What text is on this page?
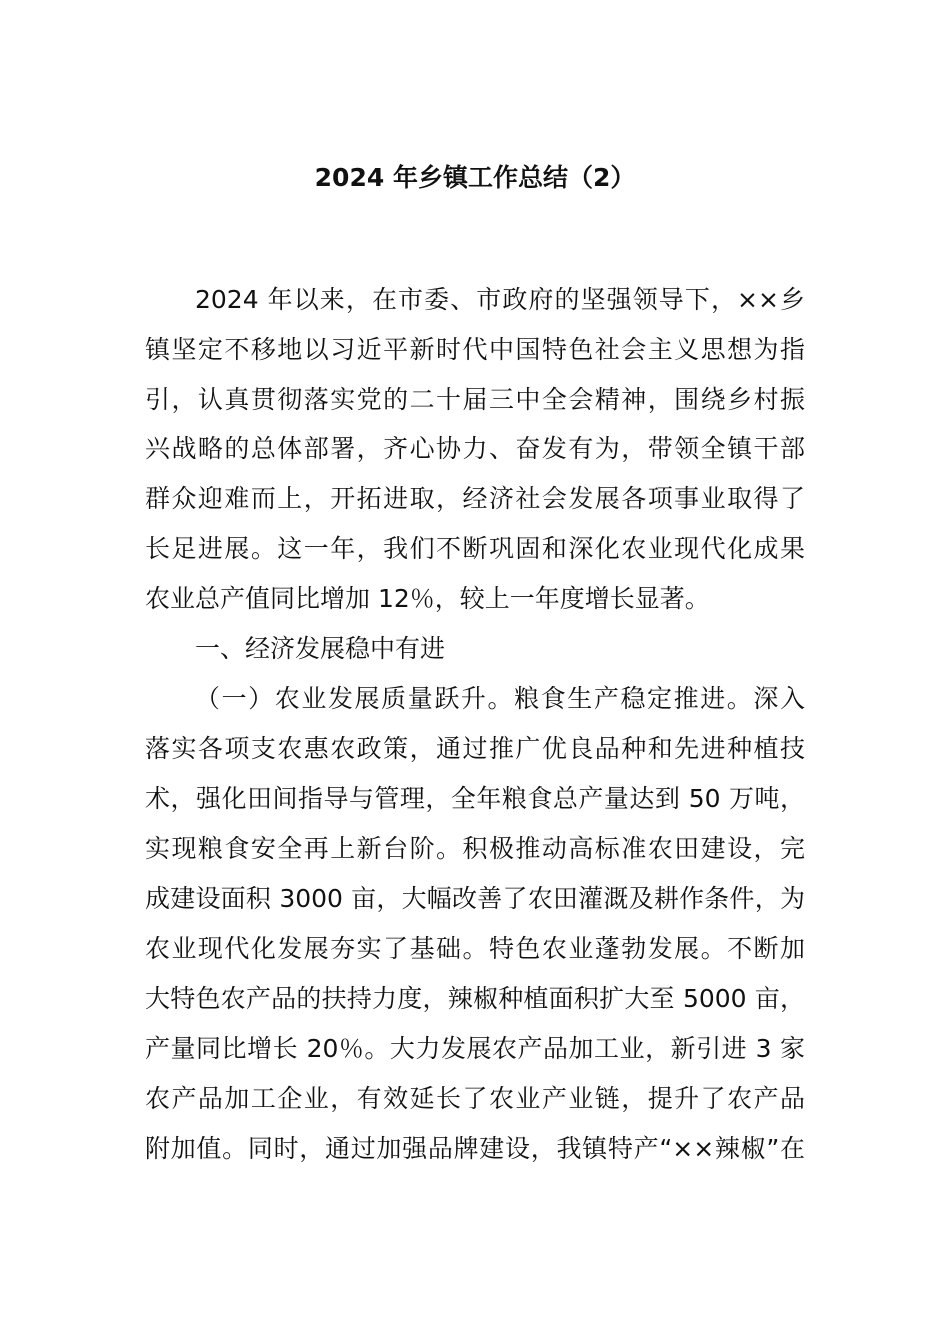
2024 年乡镇工作总结（2）
2024 年以来，在市委、市政府的坚强领导下，××乡
镇坚定不移地以习近平新时代中国特色社会主义思想为指
引，认真贯彻落实党的二十届三中全会精神，围绕乡村振
兴战略的总体部署，齐心协力、奋发有为，带领全镇干部
群众迎难而上，开拓进取，经济社会发展各项事业取得了
长足进展。这一年，我们不断巩固和深化农业现代化成果
农业总产值同比增加 12％，较上一年度增长显著。
一、经济发展稳中有进
（一）农业发展质量跃升。粮食生产稳定推进。深入
落实各项支农惠农政策，通过推广优良品种和先进种植技
术，强化田间指导与管理，全年粮食总产量达到 50 万吨，
实现粮食安全再上新台阶。积极推动高标准农田建设，完
成建设面积 3000 亩，大幅改善了农田灌溉及耕作条件，为
农业现代化发展夯实了基础。特色农业蓬勃发展。不断加
大特色农产品的扶持力度，辣椒种植面积扩大至 5000 亩，
产量同比增长 20％。大力发展农产品加工业，新引进 3 家
农产品加工企业，有效延长了农业产业链，提升了农产品
附加值。同时，通过加强品牌建设，我镇特产“××辣椒”在
